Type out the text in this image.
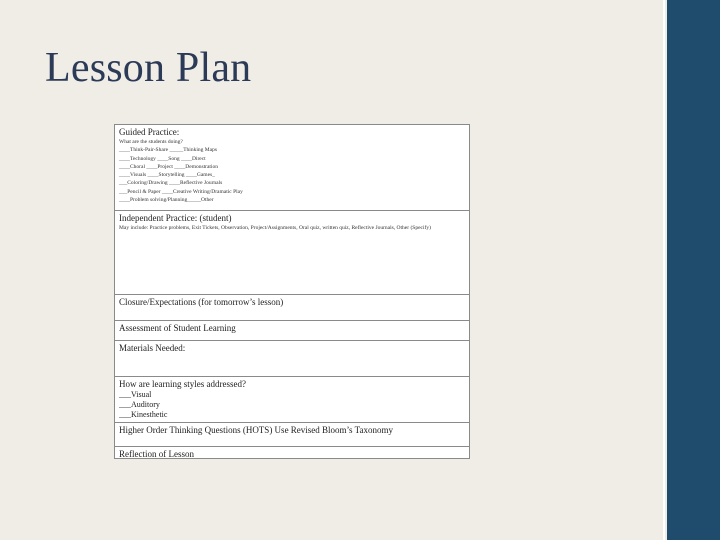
Lesson Plan
Guided Practice:
What are the students doing?
____Think-Pair-Share _____Thinking Maps
____Technology ____Song ____Direct
____Choral ____Project ____Demonstration
____Visuals ____Storytelling ____Games_
___Coloring/Drawing ____Reflective Journals
___Pencil & Paper ____Creative Writing/Dramatic Play
____Problem solving/Planning_____Other
Independent Practice: (student)
May include: Practice problems, Exit Tickets, Observation, Project/Assignments, Oral quiz, written quiz, Reflective Journals, Other (Specify)
Closure/Expectations (for tomorrow’s lesson)
Assessment of Student Learning
Materials Needed:
How are learning styles addressed?
___Visual
___Auditory
___Kinesthetic
Higher Order Thinking Questions (HOTS) Use Revised Bloom’s Taxonomy
Reflection of Lesson
